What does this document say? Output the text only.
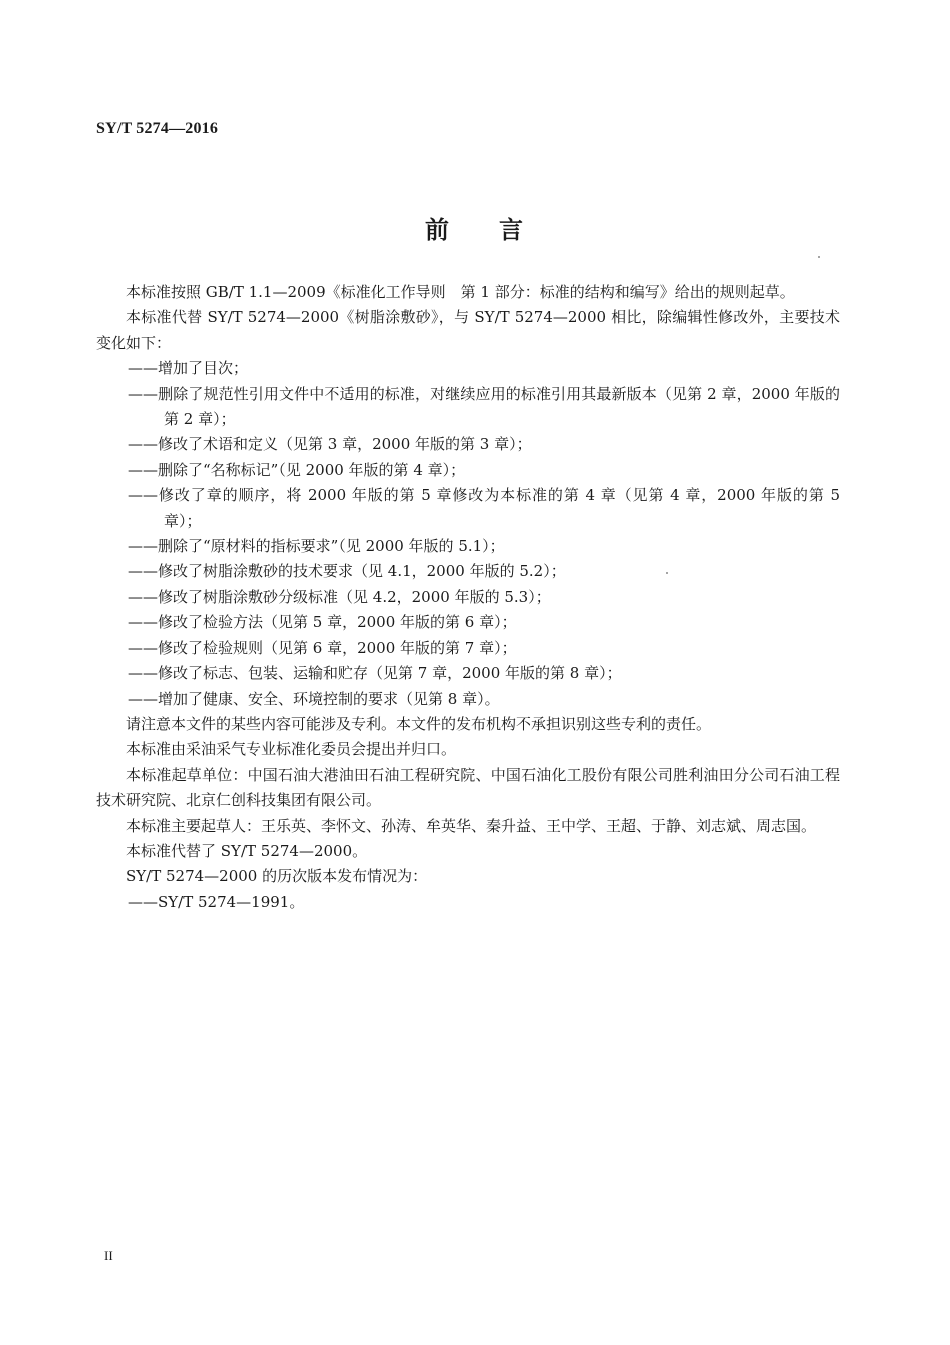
SY/T 5274—2016
前 言

本标准按照 GB/T 1.1—2009《标准化工作导则　第 1 部分：标准的结构和编写》给出的规则起草。

本标准代替 SY/T 5274—2000《树脂涂敷砂》，与 SY/T 5274—2000 相比，除编辑性修改外，主要技术变化如下：

——增加了目次；

——删除了规范性引用文件中不适用的标准，对继续应用的标准引用其最新版本（见第 2 章，2000 年版的第 2 章）；

——修改了术语和定义（见第 3 章，2000 年版的第 3 章）；

——删除了“名称标记”（见 2000 年版的第 4 章）；

——修改了章的顺序，将 2000 年版的第 5 章修改为本标准的第 4 章（见第 4 章，2000 年版的第 5 章）；

——删除了“原材料的指标要求”（见 2000 年版的 5.1）；

——修改了树脂涂敷砂的技术要求（见 4.1，2000 年版的 5.2）；

——修改了树脂涂敷砂分级标准（见 4.2，2000 年版的 5.3）；

——修改了检验方法（见第 5 章，2000 年版的第 6 章）；

——修改了检验规则（见第 6 章，2000 年版的第 7 章）；

——修改了标志、包装、运输和贮存（见第 7 章，2000 年版的第 8 章）；

——增加了健康、安全、环境控制的要求（见第 8 章）。

请注意本文件的某些内容可能涉及专利。本文件的发布机构不承担识别这些专利的责任。

本标准由采油采气专业标准化委员会提出并归口。

本标准起草单位：中国石油大港油田石油工程研究院、中国石油化工股份有限公司胜利油田分公司石油工程技术研究院、北京仁创科技集团有限公司。

本标准主要起草人：王乐英、李怀文、孙涛、牟英华、秦升益、王中学、王超、于静、刘志斌、周志国。

本标准代替了 SY/T 5274—2000。

SY/T 5274—2000 的历次版本发布情况为：

——SY/T 5274—1991。

II
